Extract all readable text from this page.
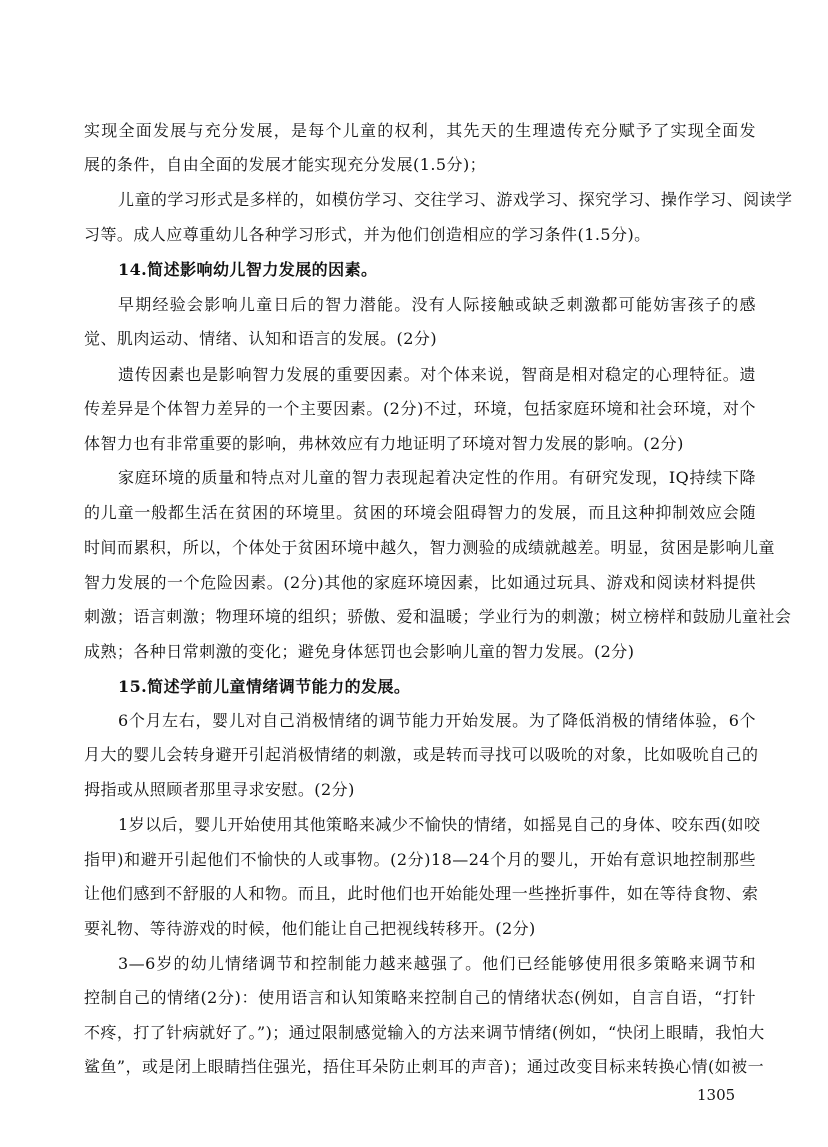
实现全面发展与充分发展，是每个儿童的权利，其先天的生理遗传充分赋予了实现全面发
展的条件，自由全面的发展才能实现充分发展(1.5分)；
儿童的学习形式是多样的，如模仿学习、交往学习、游戏学习、探究学习、操作学习、阅读学
习等。成人应尊重幼儿各种学习形式，并为他们创造相应的学习条件(1.5分)。
14.简述影响幼儿智力发展的因素。
早期经验会影响儿童日后的智力潜能。没有人际接触或缺乏刺激都可能妨害孩子的感
觉、肌肉运动、情绪、认知和语言的发展。(2分)
遗传因素也是影响智力发展的重要因素。对个体来说，智商是相对稳定的心理特征。遗
传差异是个体智力差异的一个主要因素。(2分)不过，环境，包括家庭环境和社会环境，对个
体智力也有非常重要的影响，弗林效应有力地证明了环境对智力发展的影响。(2分)
家庭环境的质量和特点对儿童的智力表现起着决定性的作用。有研究发现，IQ持续下降
的儿童一般都生活在贫困的环境里。贫困的环境会阻碍智力的发展，而且这种抑制效应会随
时间而累积，所以，个体处于贫困环境中越久，智力测验的成绩就越差。明显，贫困是影响儿童
智力发展的一个危险因素。(2分)其他的家庭环境因素，比如通过玩具、游戏和阅读材料提供
刺激；语言刺激；物理环境的组织；骄傲、爱和温暖；学业行为的刺激；树立榜样和鼓励儿童社会
成熟；各种日常刺激的变化；避免身体惩罚也会影响儿童的智力发展。(2分)
15.简述学前儿童情绪调节能力的发展。
6个月左右，婴儿对自己消极情绪的调节能力开始发展。为了降低消极的情绪体验，6个
月大的婴儿会转身避开引起消极情绪的刺激，或是转而寻找可以吸吮的对象，比如吸吮自己的
拇指或从照顾者那里寻求安慰。(2分)
1岁以后，婴儿开始使用其他策略来减少不愉快的情绪，如摇晃自己的身体、咬东西(如咬
指甲)和避开引起他们不愉快的人或事物。(2分)18—24个月的婴儿，开始有意识地控制那些
让他们感到不舒服的人和物。而且，此时他们也开始能处理一些挫折事件，如在等待食物、索
要礼物、等待游戏的时候，他们能让自己把视线转移开。(2分)
3—6岁的幼儿情绪调节和控制能力越来越强了。他们已经能够使用很多策略来调节和
控制自己的情绪(2分)：使用语言和认知策略来控制自己的情绪状态(例如，自言自语，“打针
不疼，打了针病就好了。”)；通过限制感觉输入的方法来调节情绪(例如，“快闭上眼睛，我怕大
鲨鱼”，或是闭上眼睛挡住强光，捂住耳朵防止刺耳的声音)；通过改变目标来转换心情(如被一
1305
